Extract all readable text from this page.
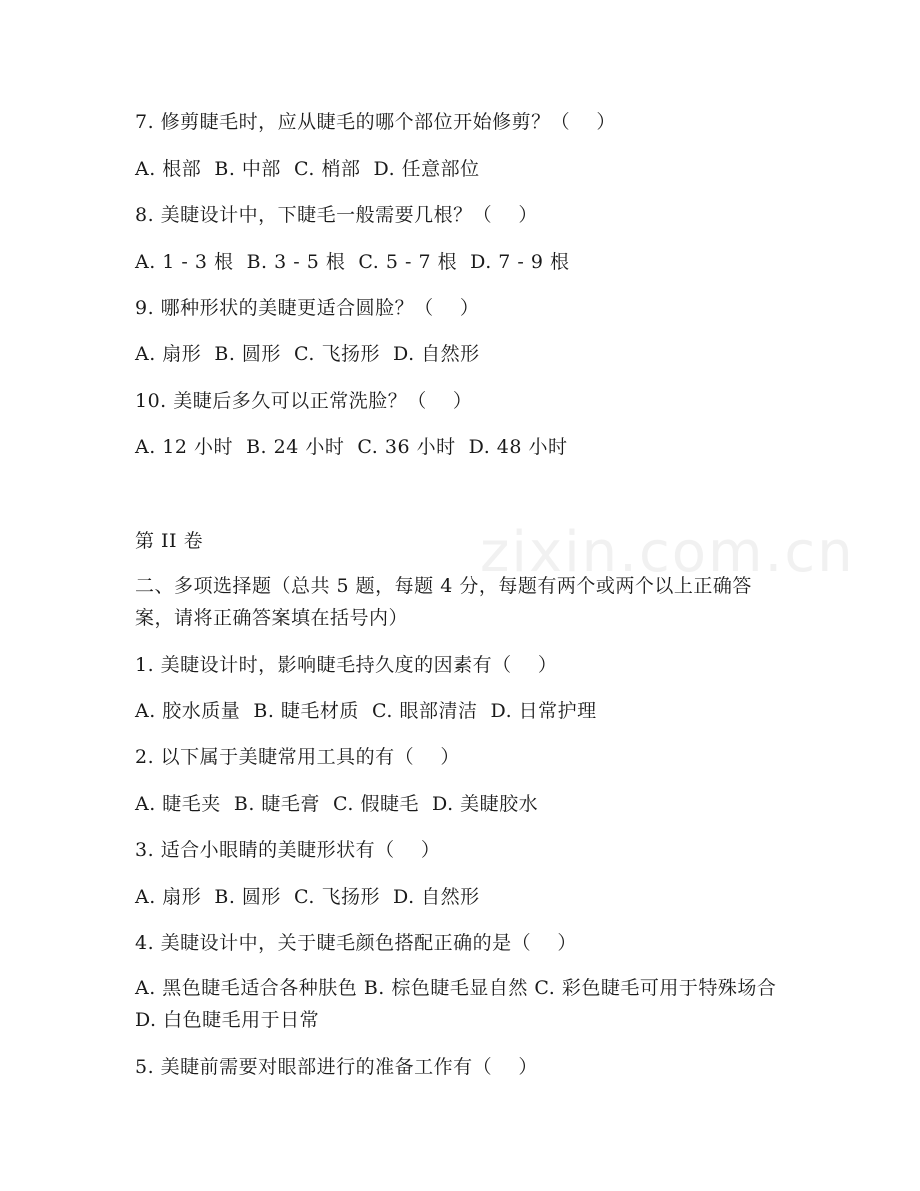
zixin.com.cn
7. 修剪睫毛时，应从睫毛的哪个部位开始修剪？（    ）
A. 根部  B. 中部  C. 梢部  D. 任意部位
8. 美睫设计中，下睫毛一般需要几根？（    ）
A. 1 - 3 根  B. 3 - 5 根  C. 5 - 7 根  D. 7 - 9 根
9. 哪种形状的美睫更适合圆脸？（    ）
A. 扇形  B. 圆形  C. 飞扬形  D. 自然形
10. 美睫后多久可以正常洗脸？（    ）
A. 12 小时  B. 24 小时  C. 36 小时  D. 48 小时
第 II 卷
二、多项选择题（总共 5 题，每题 4 分，每题有两个或两个以上正确答案，请将正确答案填在括号内）
1. 美睫设计时，影响睫毛持久度的因素有（    ）
A. 胶水质量  B. 睫毛材质  C. 眼部清洁  D. 日常护理
2. 以下属于美睫常用工具的有（    ）
A. 睫毛夹  B. 睫毛膏  C. 假睫毛  D. 美睫胶水
3. 适合小眼睛的美睫形状有（    ）
A. 扇形  B. 圆形  C. 飞扬形  D. 自然形
4. 美睫设计中，关于睫毛颜色搭配正确的是（    ）
A. 黑色睫毛适合各种肤色 B. 棕色睫毛显自然 C. 彩色睫毛可用于特殊场合 D. 白色睫毛用于日常
5. 美睫前需要对眼部进行的准备工作有（    ）
